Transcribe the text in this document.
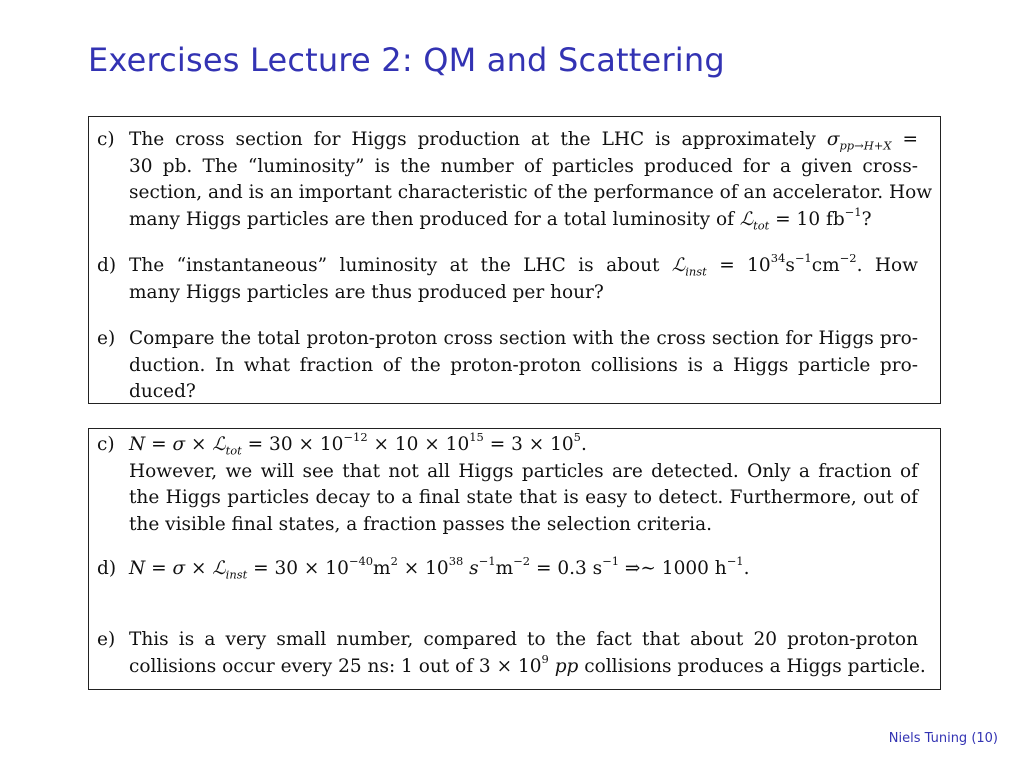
Exercises Lecture 2: QM and Scattering
c) The cross section for Higgs production at the LHC is approximately $\sigma_{pp\to H+X}$ =
30 pb. The “luminosity” is the number of particles produced for a given cross-
section, and is an important characteristic of the performance of an accelerator. How
many Higgs particles are then produced for a total luminosity of ℒ$_{tot}$ = 10 $fb^{-1}$?
d) The “instantaneous” luminosity at the LHC is about ℒ$_{inst}$ = $10^{34}s^{-1}cm^{-2}$. How
many Higgs particles are thus produced per hour?
e) Compare the total proton-proton cross section with the cross section for Higgs pro-
duction. In what fraction of the proton-proton collisions is a Higgs particle pro-
duced?
c) N = σ × ℒ$_{tot}$ = $30 \times 10^{-12} \times 10 \times 10^{15} = 3 \times 10^5$.
However, we will see that not all Higgs particles are detected. Only a fraction of
the Higgs particles decay to a final state that is easy to detect. Furthermore, out of
the visible final states, a fraction passes the selection criteria.
d) N = σ × ℒ$_{inst}$ = $30 \times 10^{-40}m^2 \times 10^{38}$ $s^{-1}m^{-2} = 0.3$ $s^{-1}$ ⇒∼ 1000 $h^{-1}$.
e) This is a very small number, compared to the fact that about 20 proton-proton
collisions occur every 25 ns: 1 out of $3 \times 10^9$ pp collisions produces a Higgs particle.
Niels Tuning (10)
